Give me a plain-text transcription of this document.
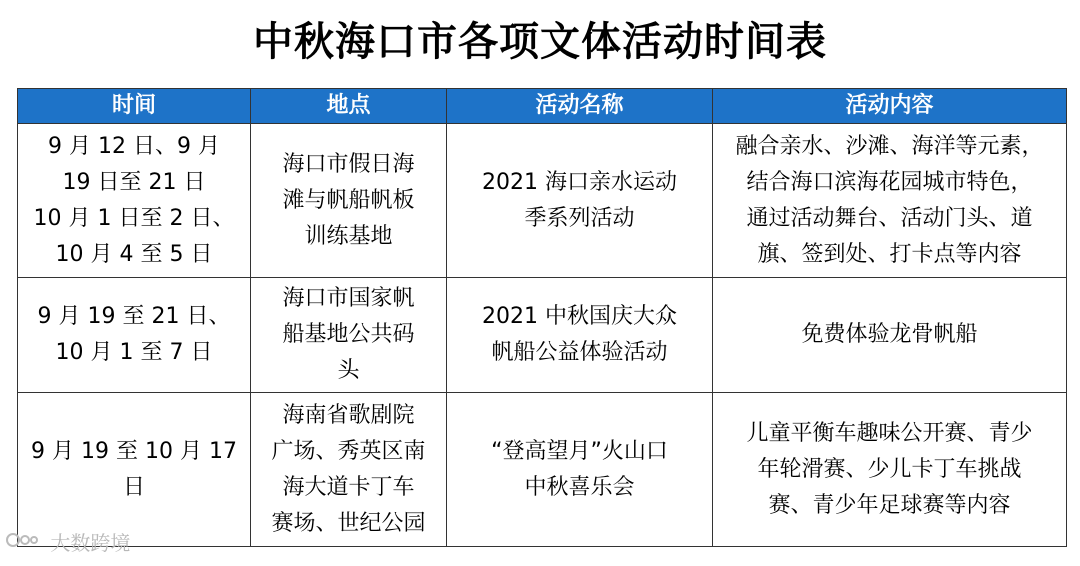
中秋海口市各项文体活动时间表
时间	地点	活动名称	活动内容

9 月 12 日、9 月
19 日至 21 日
10 月 1 日至 2 日、
10 月 4 至 5 日	海口市假日海
滩与帆船帆板
训练基地	2021 海口亲水运动
季系列活动	融合亲水、沙滩、海洋等元素，
结合海口滨海花园城市特色，
通过活动舞台、活动门头、道
旗、签到处、打卡点等内容

9 月 19 至 21 日、
10 月 1 至 7 日	海口市国家帆
船基地公共码
头	2021 中秋国庆大众
帆船公益体验活动	免费体验龙骨帆船

9 月 19 至 10 月 17
日	海南省歌剧院
广场、秀英区南
海大道卡丁车
赛场、世纪公园	“登高望月”火山口
中秋喜乐会	儿童平衡车趣味公开赛、青少
年轮滑赛、少儿卡丁车挑战
赛、青少年足球赛等内容
大数跨境
